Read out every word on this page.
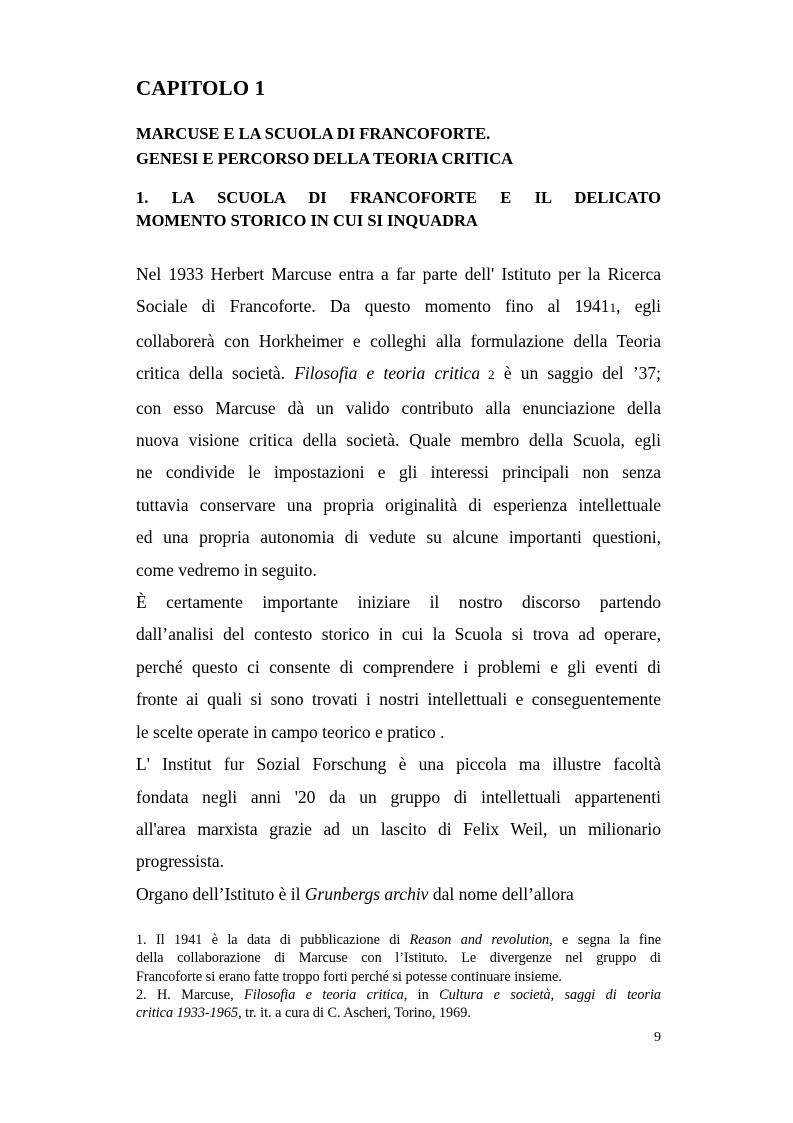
CAPITOLO 1
MARCUSE E LA SCUOLA DI FRANCOFORTE.
GENESI E PERCORSO DELLA TEORIA CRITICA
1. LA SCUOLA DI FRANCOFORTE E IL DELICATO
MOMENTO STORICO IN CUI SI INQUADRA
Nel 1933 Herbert Marcuse entra a far parte dell' Istituto per la Ricerca
Sociale di Francoforte. Da questo momento fino al 19411, egli
collaborerà con Horkheimer e colleghi alla formulazione della Teoria
critica della società. Filosofia e teoria critica 2 è un saggio del ’37;
con esso Marcuse dà un valido contributo alla enunciazione della
nuova visione critica della società. Quale membro della Scuola, egli
ne condivide le impostazioni e gli interessi principali non senza
tuttavia conservare una propria originalità di esperienza intellettuale
ed una propria autonomia di vedute su alcune importanti questioni,
come vedremo in seguito.
È certamente importante iniziare il nostro discorso partendo
dall’analisi del contesto storico in cui la Scuola si trova ad operare,
perché questo ci consente di comprendere i problemi e gli eventi di
fronte ai quali si sono trovati i nostri intellettuali e conseguentemente
le scelte operate in campo teorico e pratico .
L' Institut fur Sozial Forschung è una piccola ma illustre facoltà
fondata negli anni '20 da un gruppo di intellettuali appartenenti
all'area marxista grazie ad un lascito di Felix Weil, un milionario
progressista.
Organo dell’Istituto è il Grunbergs archiv dal nome dell’allora
1. Il 1941 è la data di pubblicazione di Reason and revolution, e segna la fine
della collaborazione di Marcuse con l’Istituto. Le divergenze nel gruppo di
Francoforte si erano fatte troppo forti perché si potesse continuare insieme.
2. H. Marcuse, Filosofia e teoria critica, in Cultura e società, saggi di teoria
critica 1933-1965, tr. it. a cura di C. Ascheri, Torino, 1969.
9
